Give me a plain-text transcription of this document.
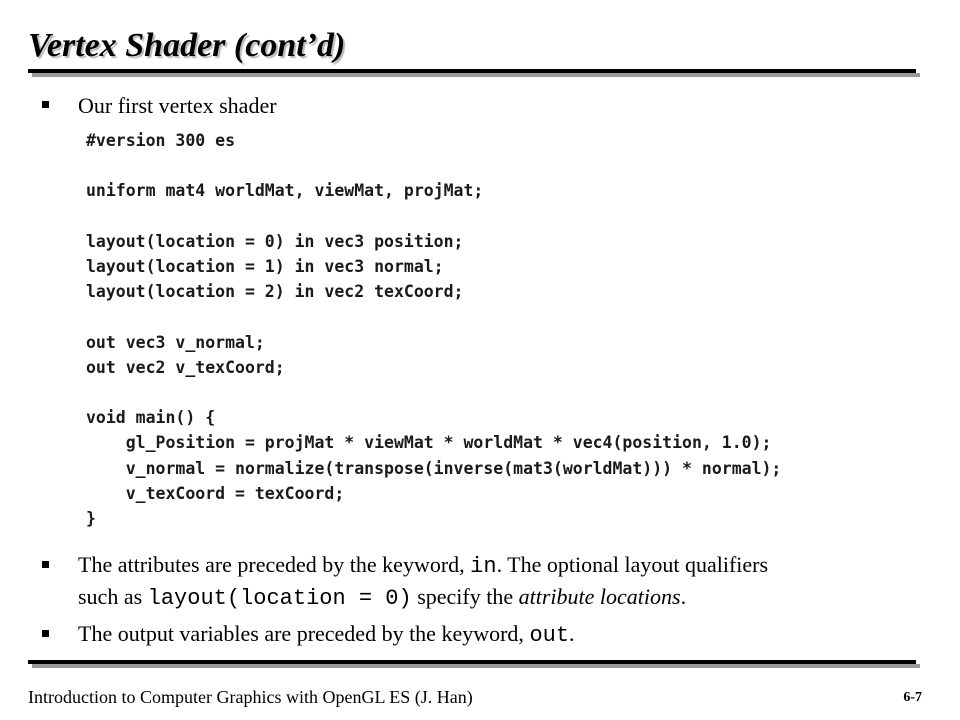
Vertex Shader (cont’d)
Our first vertex shader
#version 300 es

uniform mat4 worldMat, viewMat, projMat;

layout(location = 0) in vec3 position;
layout(location = 1) in vec3 normal;
layout(location = 2) in vec2 texCoord;

out vec3 v_normal;
out vec2 v_texCoord;

void main() {
gl_Position = projMat * viewMat * worldMat * vec4(position, 1.0);
v_normal = normalize(transpose(inverse(mat3(worldMat))) * normal);
v_texCoord = texCoord;
}
The attributes are preceded by the keyword, in. The optional layout qualifiers
such as layout(location = 0) specify the attribute locations.
The output variables are preceded by the keyword, out.
Introduction to Computer Graphics with OpenGL ES (J. Han)	6-7
